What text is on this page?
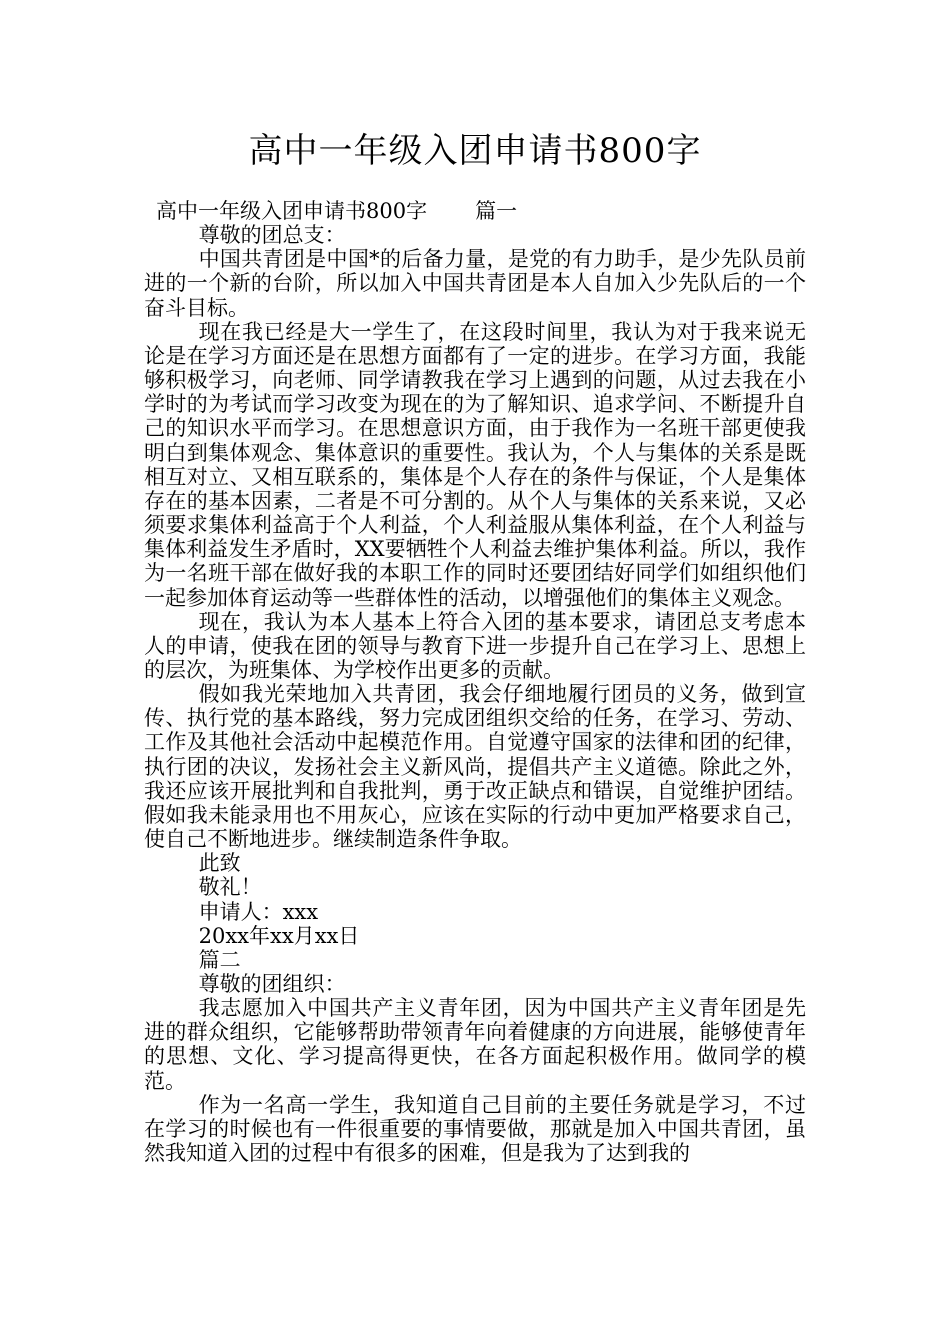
高中一年级入团申请书800字

高中一年级入团申请书800字 篇一

尊敬的团总支：

中国共青团是中国*的后备力量，是党的有力助手，是少先队员前进的一个新的台阶，所以加入中国共青团是本人自加入少先队后的一个奋斗目标。

现在我已经是大一学生了，在这段时间里，我认为对于我来说无论是在学习方面还是在思想方面都有了一定的进步。在学习方面，我能够积极学习，向老师、同学请教我在学习上遇到的问题，从过去我在小学时的为考试而学习改变为现在的为了解知识、追求学问、不断提升自己的知识水平而学习。在思想意识方面，由于我作为一名班干部更使我明白到集体观念、集体意识的重要性。我认为，个人与集体的关系是既相互对立、又相互联系的，集体是个人存在的条件与保证，个人是集体存在的基本因素，二者是不可分割的。从个人与集体的关系来说，又必须要求集体利益高于个人利益，个人利益服从集体利益，在个人利益与集体利益发生矛盾时，XX要牺牲个人利益去维护集体利益。所以，我作为一名班干部在做好我的本职工作的同时还要团结好同学们如组织他们一起参加体育运动等一些群体性的活动，以增强他们的集体主义观念。

现在，我认为本人基本上符合入团的基本要求，请团总支考虑本人的申请，使我在团的领导与教育下进一步提升自己在学习上、思想上的层次，为班集体、为学校作出更多的贡献。

假如我光荣地加入共青团，我会仔细地履行团员的义务，做到宣传、执行党的基本路线，努力完成团组织交给的任务，在学习、劳动、工作及其他社会活动中起模范作用。自觉遵守国家的法律和团的纪律，执行团的决议，发扬社会主义新风尚，提倡共产主义道德。除此之外，我还应该开展批判和自我批判，勇于改正缺点和错误，自觉维护团结。假如我未能录用也不用灰心，应该在实际的行动中更加严格要求自己，使自己不断地进步。继续制造条件争取。

此致

敬礼！

申请人：xxx

20xx年xx月xx日

篇二

尊敬的团组织：

我志愿加入中国共产主义青年团，因为中国共产主义青年团是先进的群众组织，它能够帮助带领青年向着健康的方向进展，能够使青年的思想、文化、学习提高得更快，在各方面起积极作用。做同学的模范。

作为一名高一学生，我知道自己目前的主要任务就是学习，不过在学习的时候也有一件很重要的事情要做，那就是加入中国共青团，虽然我知道入团的过程中有很多的困难，但是我为了达到我的
